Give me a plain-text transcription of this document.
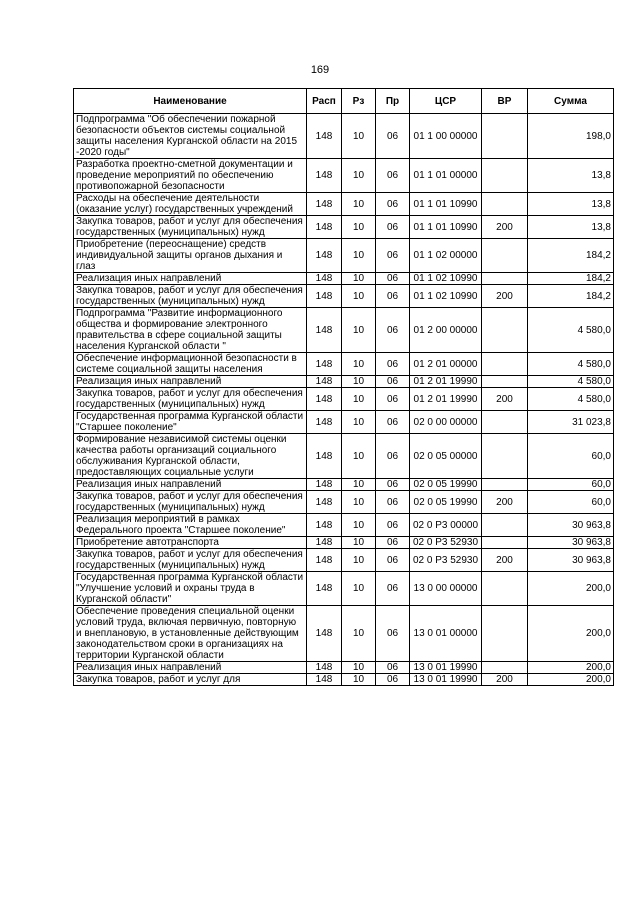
169
Наименование	Расп	Рз	Пр	ЦСР	ВР	Сумма
Подпрограмма "Об обеспечении пожарной безопасности объектов системы социальной защиты населения Курганской области на 2015 -2020 годы"	148	10	06	01 1 00 00000		198,0
Разработка проектно-сметной документации и проведение мероприятий по обеспечению противопожарной безопасности	148	10	06	01 1 01 00000		13,8
Расходы на обеспечение деятельности (оказание услуг) государственных учреждений	148	10	06	01 1 01 10990		13,8
Закупка товаров, работ и услуг для обеспечения государственных (муниципальных) нужд	148	10	06	01 1 01 10990	200	13,8
Приобретение (переоснащение) средств индивидуальной защиты органов дыхания и глаз	148	10	06	01 1 02 00000		184,2
Реализация иных направлений	148	10	06	01 1 02 10990		184,2
Закупка товаров, работ и услуг для обеспечения государственных (муниципальных) нужд	148	10	06	01 1 02 10990	200	184,2
Подпрограмма "Развитие информационного общества и формирование электронного правительства в сфере социальной защиты населения Курганской области "	148	10	06	01 2 00 00000		4 580,0
Обеспечение информационной безопасности в системе социальной защиты населения	148	10	06	01 2 01 00000		4 580,0
Реализация иных направлений	148	10	06	01 2 01 19990		4 580,0
Закупка товаров, работ и услуг для обеспечения государственных (муниципальных) нужд	148	10	06	01 2 01 19990	200	4 580,0
Государственная программа Курганской области "Старшее поколение"	148	10	06	02 0 00 00000		31 023,8
Формирование независимой системы оценки качества работы организаций социального обслуживания Курганской области, предоставляющих социальные услуги	148	10	06	02 0 05 00000		60,0
Реализация иных направлений	148	10	06	02 0 05 19990		60,0
Закупка товаров, работ и услуг для обеспечения государственных (муниципальных) нужд	148	10	06	02 0 05 19990	200	60,0
Реализация мероприятий в рамках Федерального проекта "Старшее поколение"	148	10	06	02 0 P3 00000		30 963,8
Приобретение автотранспорта	148	10	06	02 0 P3 52930		30 963,8
Закупка товаров, работ и услуг для обеспечения государственных (муниципальных) нужд	148	10	06	02 0 P3 52930	200	30 963,8
Государственная программа Курганской области "Улучшение условий и охраны труда в Курганской области"	148	10	06	13 0 00 00000		200,0
Обеспечение проведения специальной оценки условий труда, включая первичную, повторную и внеплановую, в установленные действующим законодательством сроки в организациях на территории Курганской области	148	10	06	13 0 01 00000		200,0
Реализация иных направлений	148	10	06	13 0 01 19990		200,0
Закупка товаров, работ и услуг для	148	10	06	13 0 01 19990	200	200,0
